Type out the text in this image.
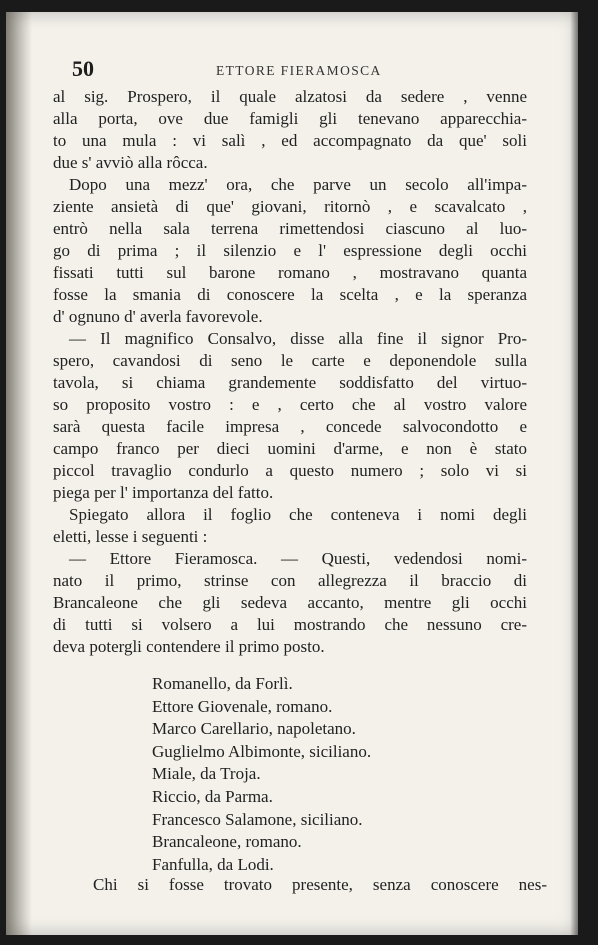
50	ETTORE FIERAMOSCA
al sig. Prospero, il quale alzatosi da sedere , venne
alla porta, ove due famigli gli tenevano apparecchia-
to una mula : vi salì , ed accompagnato da que' soli
due s' avviò alla rôcca.
Dopo una mezz' ora, che parve un secolo all'impa-
ziente ansietà di que' giovani, ritornò , e scavalcato ,
entrò nella sala terrena rimettendosi ciascuno al luo-
go di prima ; il silenzio e l' espressione degli occhi
fissati tutti sul barone romano , mostravano quanta
fosse la smania di conoscere la scelta , e la speranza
d' ognuno d' averla favorevole.
— Il magnifico Consalvo, disse alla fine il signor Pro-
spero, cavandosi di seno le carte e deponendole sulla
tavola, si chiama grandemente soddisfatto del virtuo-
so proposito vostro : e , certo che al vostro valore
sarà questa facile impresa , concede salvocondotto e
campo franco per dieci uomini d'arme, e non è stato
piccol travaglio condurlo a questo numero ; solo vi si
piega per l' importanza del fatto.
Spiegato allora il foglio che conteneva i nomi degli
eletti, lesse i seguenti :
— Ettore Fieramosca. — Questi, vedendosi nomi-
nato il primo, strinse con allegrezza il braccio di
Brancaleone che gli sedeva accanto, mentre gli occhi
di tutti si volsero a lui mostrando che nessuno cre-
deva potergli contendere il primo posto.
Romanello, da Forlì.
Ettore Giovenale, romano.
Marco Carellario, napoletano.
Guglielmo Albimonte, siciliano.
Miale, da Troja.
Riccio, da Parma.
Francesco Salamone, siciliano.
Brancaleone, romano.
Fanfulla, da Lodi.
Chi si fosse trovato presente, senza conoscere nes-
